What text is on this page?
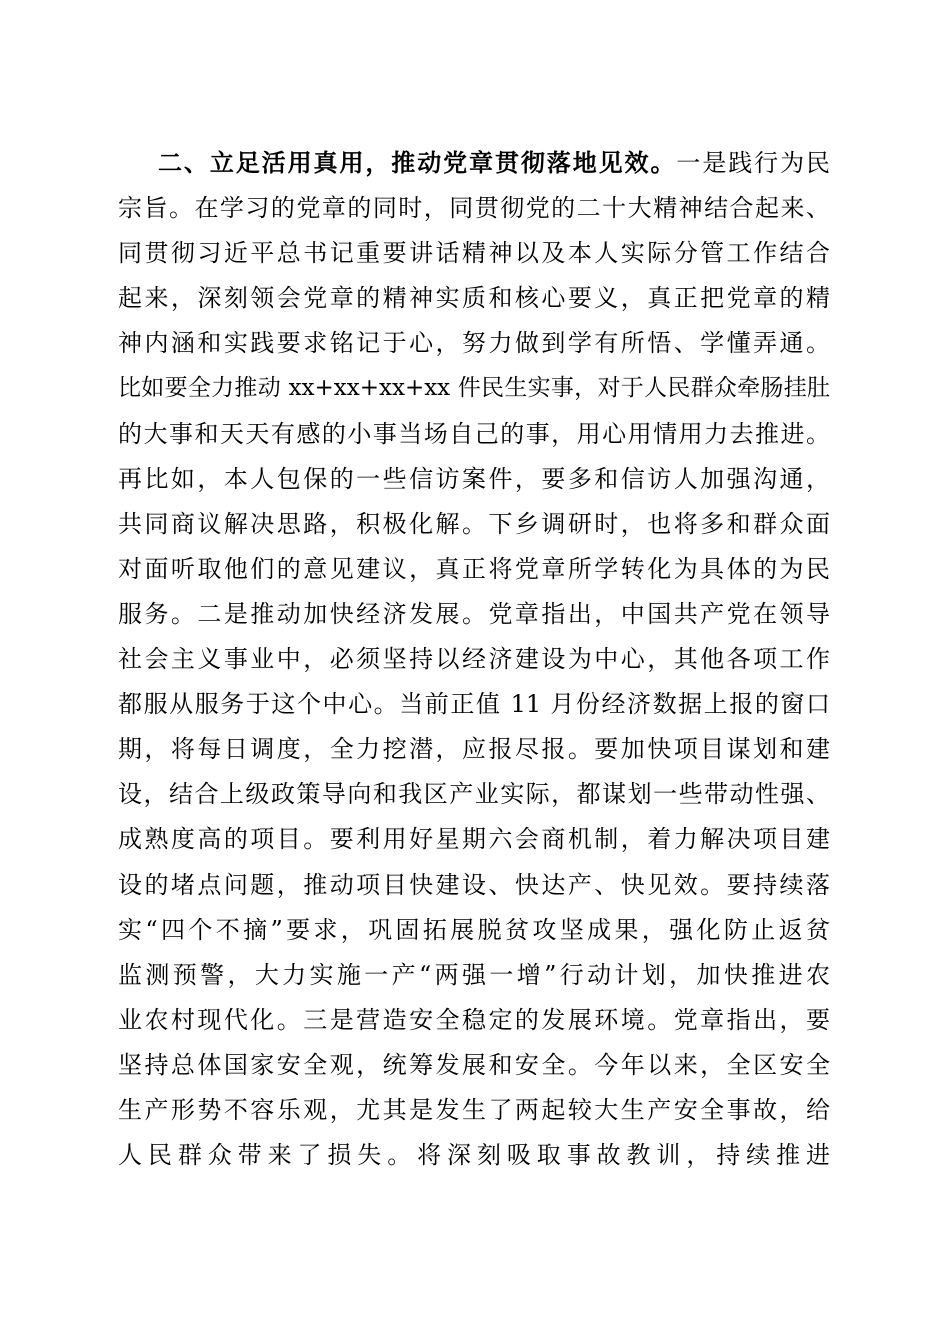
二、立足活用真用，推动党章贯彻落地见效。一是践行为民
宗旨。在学习的党章的同时，同贯彻党的二十大精神结合起来、
同贯彻习近平总书记重要讲话精神以及本人实际分管工作结合
起来，深刻领会党章的精神实质和核心要义，真正把党章的精
神内涵和实践要求铭记于心，努力做到学有所悟、学懂弄通。
比如要全力推动 xx+xx+xx+xx 件民生实事，对于人民群众牵肠挂肚
的大事和天天有感的小事当场自己的事，用心用情用力去推进。
再比如，本人包保的一些信访案件，要多和信访人加强沟通，
共同商议解决思路，积极化解。下乡调研时，也将多和群众面
对面听取他们的意见建议，真正将党章所学转化为具体的为民
服务。二是推动加快经济发展。党章指出，中国共产党在领导
社会主义事业中，必须坚持以经济建设为中心，其他各项工作
都服从服务于这个中心。当前正值 11 月份经济数据上报的窗口
期，将每日调度，全力挖潜，应报尽报。要加快项目谋划和建
设，结合上级政策导向和我区产业实际，都谋划一些带动性强、
成熟度高的项目。要利用好星期六会商机制，着力解决项目建
设的堵点问题，推动项目快建设、快达产、快见效。要持续落
实“四个不摘”要求，巩固拓展脱贫攻坚成果，强化防止返贫
监测预警，大力实施一产“两强一增”行动计划，加快推进农
业农村现代化。三是营造安全稳定的发展环境。党章指出，要
坚持总体国家安全观，统筹发展和安全。今年以来，全区安全
生产形势不容乐观，尤其是发生了两起较大生产安全事故，给
人民群众带来了损失。将深刻吸取事故教训，持续推进
